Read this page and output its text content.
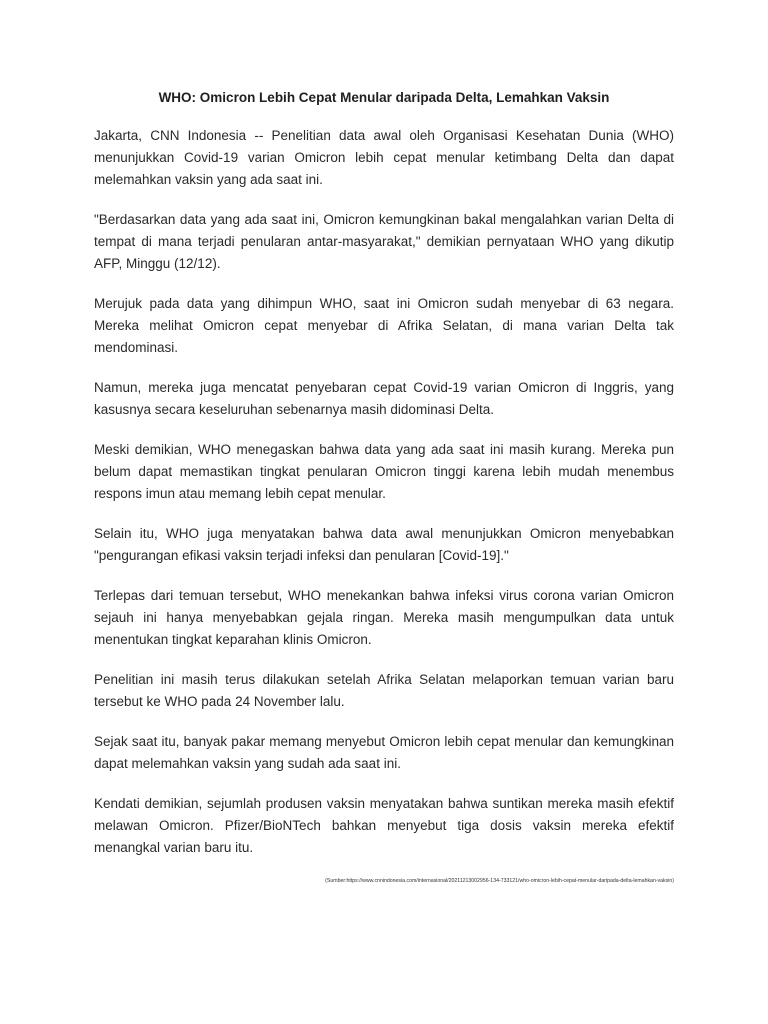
WHO: Omicron Lebih Cepat Menular daripada Delta, Lemahkan Vaksin

Jakarta, CNN Indonesia -- Penelitian data awal oleh Organisasi Kesehatan Dunia (WHO) menunjukkan Covid-19 varian Omicron lebih cepat menular ketimbang Delta dan dapat melemahkan vaksin yang ada saat ini.

"Berdasarkan data yang ada saat ini, Omicron kemungkinan bakal mengalahkan varian Delta di tempat di mana terjadi penularan antar-masyarakat," demikian pernyataan WHO yang dikutip AFP, Minggu (12/12).

Merujuk pada data yang dihimpun WHO, saat ini Omicron sudah menyebar di 63 negara. Mereka melihat Omicron cepat menyebar di Afrika Selatan, di mana varian Delta tak mendominasi.

Namun, mereka juga mencatat penyebaran cepat Covid-19 varian Omicron di Inggris, yang kasusnya secara keseluruhan sebenarnya masih didominasi Delta.

Meski demikian, WHO menegaskan bahwa data yang ada saat ini masih kurang. Mereka pun belum dapat memastikan tingkat penularan Omicron tinggi karena lebih mudah menembus respons imun atau memang lebih cepat menular.

Selain itu, WHO juga menyatakan bahwa data awal menunjukkan Omicron menyebabkan "pengurangan efikasi vaksin terjadi infeksi dan penularan [Covid-19]."

Terlepas dari temuan tersebut, WHO menekankan bahwa infeksi virus corona varian Omicron sejauh ini hanya menyebabkan gejala ringan. Mereka masih mengumpulkan data untuk menentukan tingkat keparahan klinis Omicron.

Penelitian ini masih terus dilakukan setelah Afrika Selatan melaporkan temuan varian baru tersebut ke WHO pada 24 November lalu.

Sejak saat itu, banyak pakar memang menyebut Omicron lebih cepat menular dan kemungkinan dapat melemahkan vaksin yang sudah ada saat ini.

Kendati demikian, sejumlah produsen vaksin menyatakan bahwa suntikan mereka masih efektif melawan Omicron. Pfizer/BioNTech bahkan menyebut tiga dosis vaksin mereka efektif menangkal varian baru itu.

(Sumber:https://www.cnnindonesia.com/internasional/20211213002956-134-733121/who-omicron-lebih-cepat-menular-daripada-delta-lemahkan-vaksin)
